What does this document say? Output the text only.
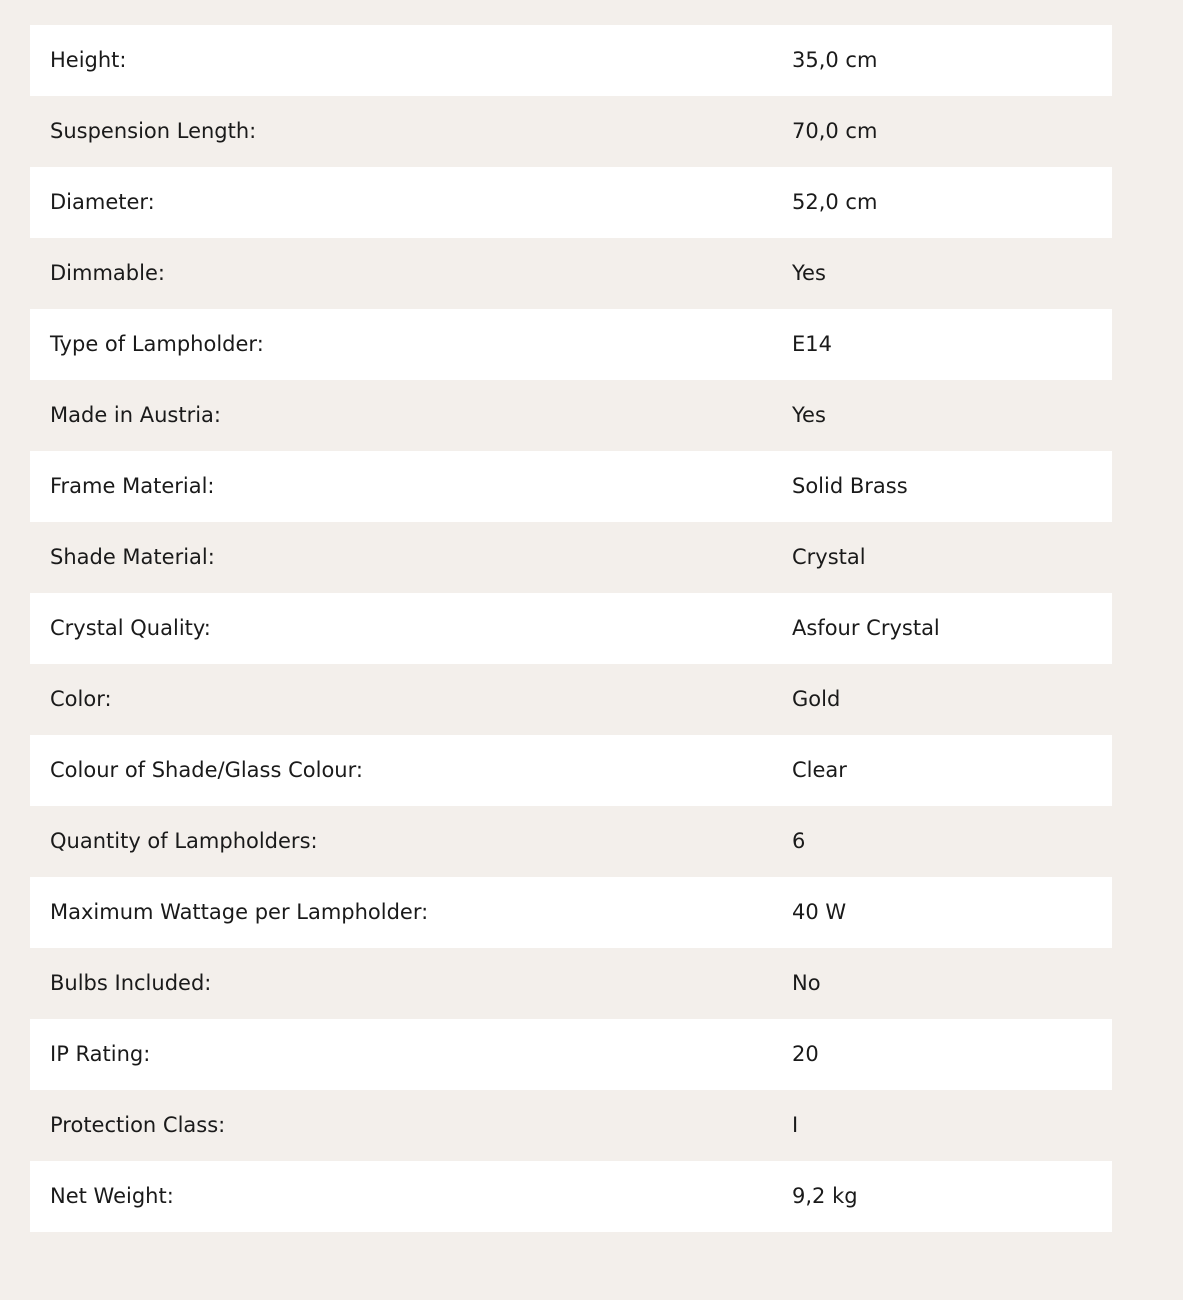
Height:	35,0 cm
Suspension Length:	70,0 cm
Diameter:	52,0 cm
Dimmable:	Yes
Type of Lampholder:	E14
Made in Austria:	Yes
Frame Material:	Solid Brass
Shade Material:	Crystal
Crystal Quality:	Asfour Crystal
Color:	Gold
Colour of Shade/Glass Colour:	Clear
Quantity of Lampholders:	6
Maximum Wattage per Lampholder:	40 W
Bulbs Included:	No
IP Rating:	20
Protection Class:	I
Net Weight:	9,2 kg
